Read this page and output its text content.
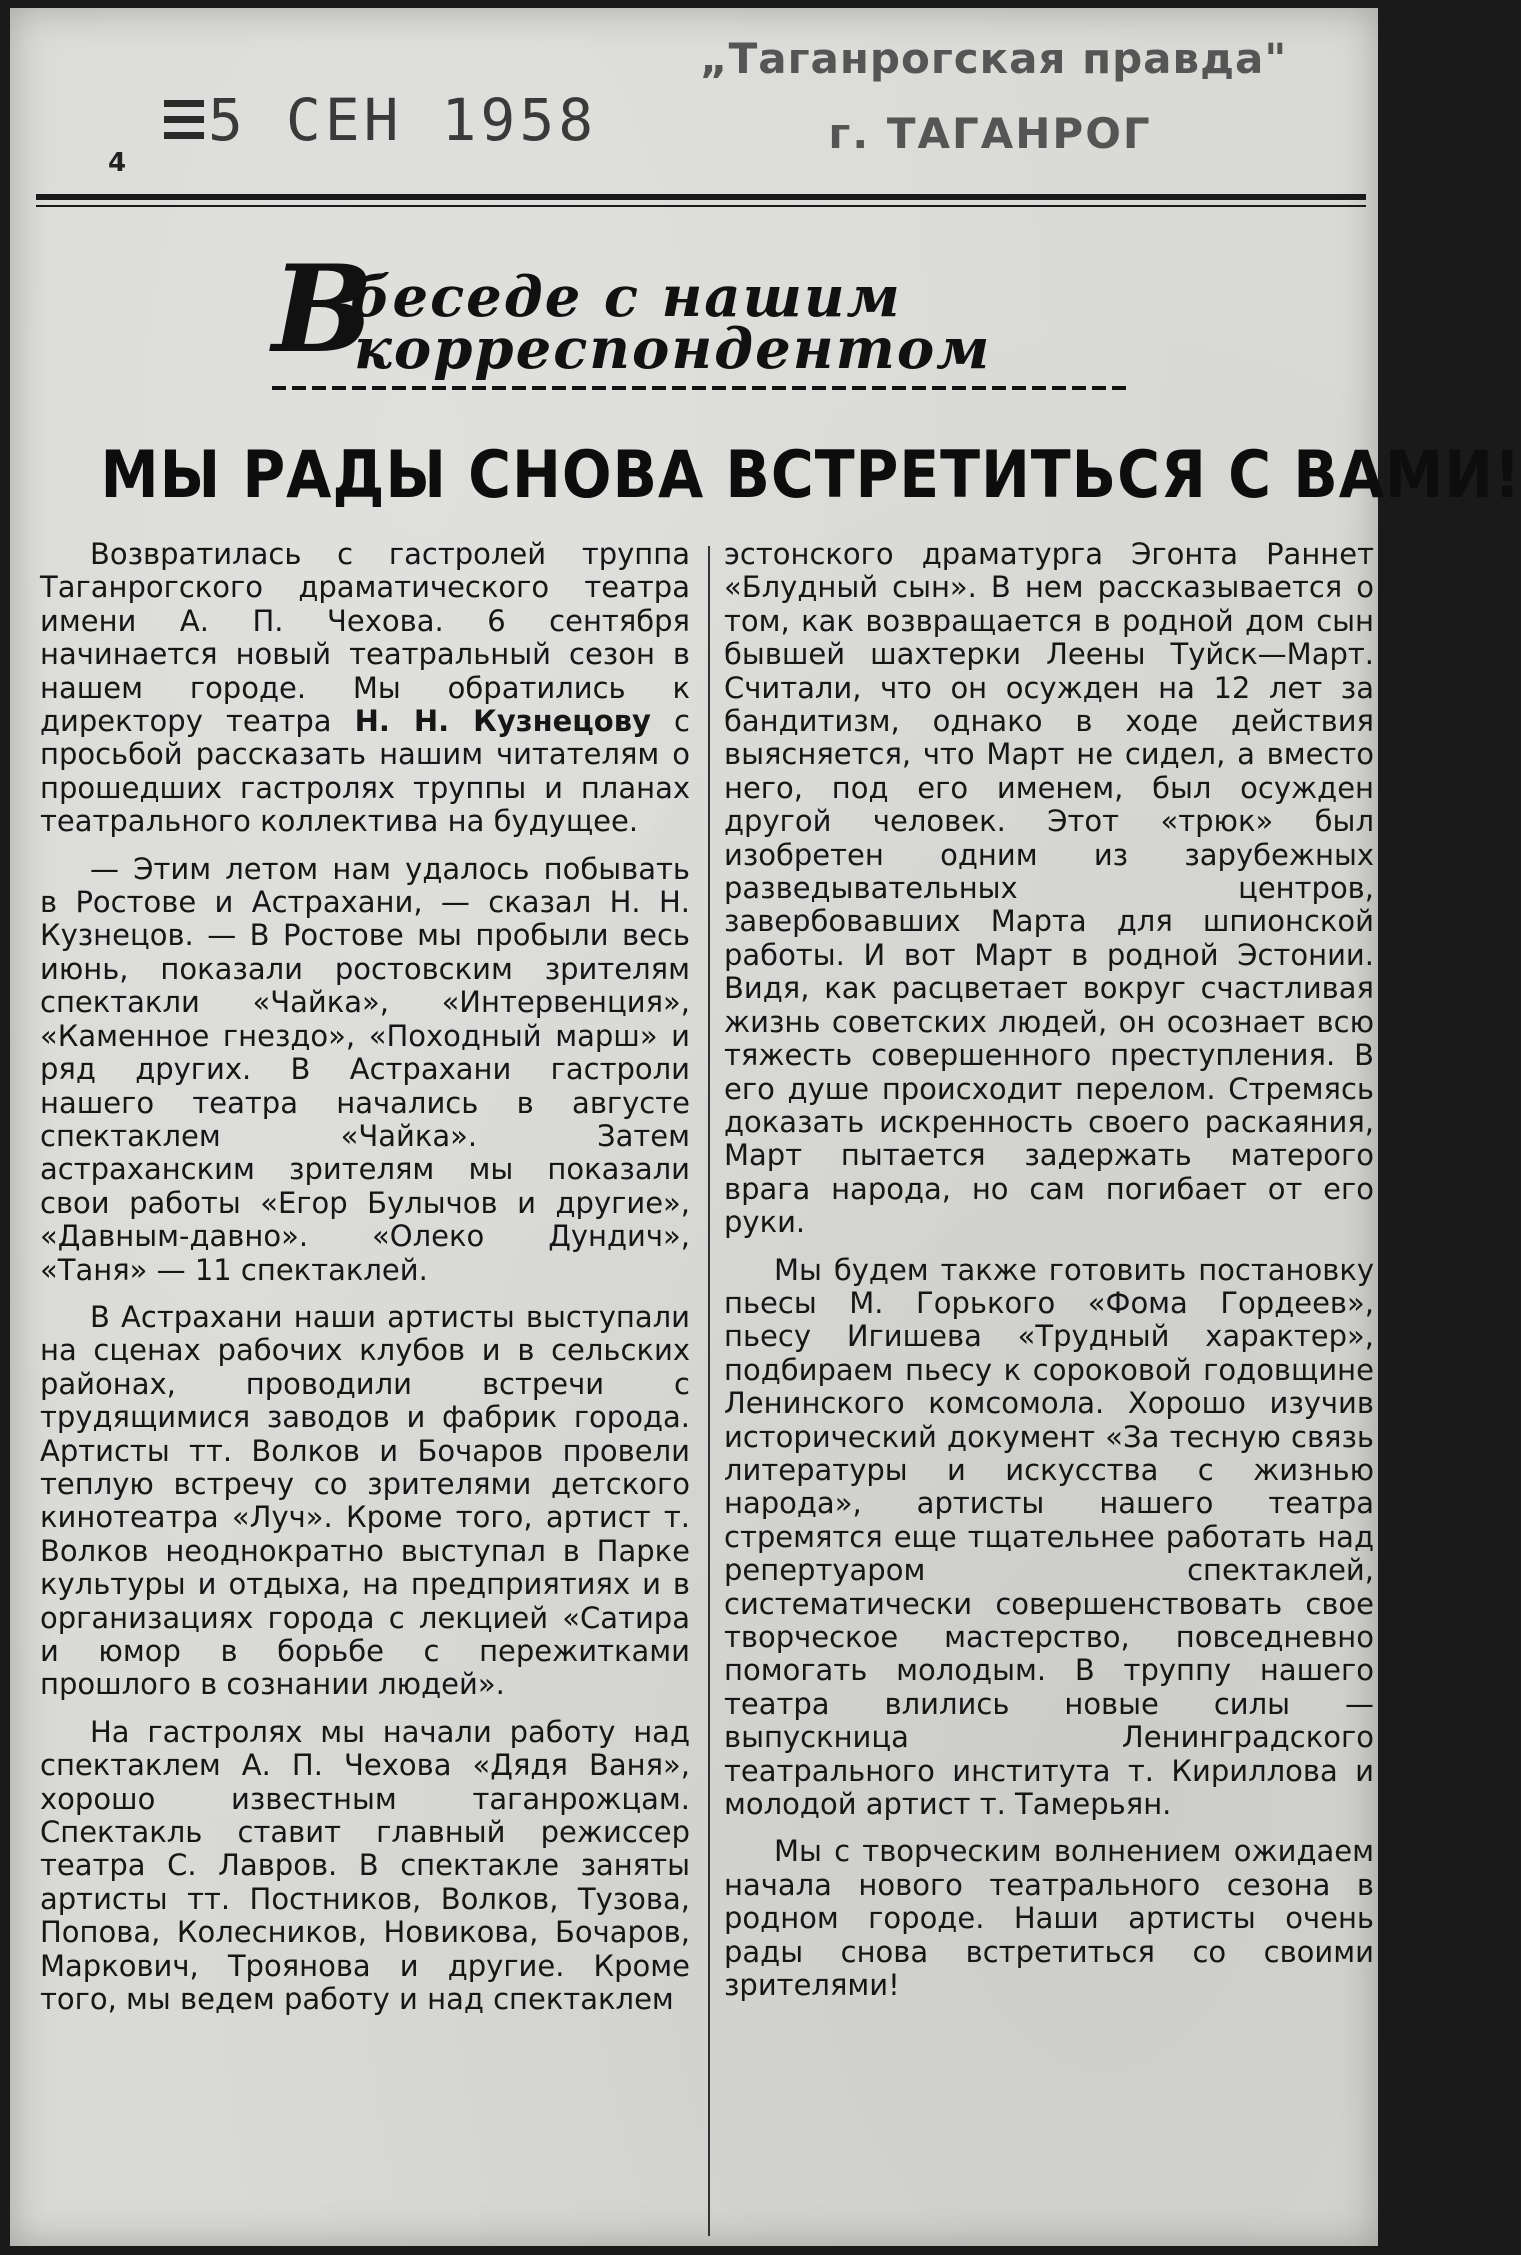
5 СЕН 1958
4
„Таганрогская правда"
г. ТАГАНРОГ
В
беседе с нашим
корреспондентом
МЫ РАДЫ СНОВА ВСТРЕТИТЬСЯ С ВАМИ!

Возвратилась с гастролей труппа Таганрогского драматического театра имени А. П. Чехова. 6 сентября начинается новый театральный сезон в нашем городе. Мы обратились к директору театра Н. Н. Кузнецову с просьбой рассказать нашим читателям о прошедших гастролях труппы и планах театрального коллектива на будущее.

— Этим летом нам удалось побывать в Ростове и Астрахани, — сказал Н. Н. Кузнецов. — В Ростове мы пробыли весь июнь, показали ростовским зрителям спектакли «Чайка», «Интервенция», «Каменное гнездо», «Походный марш» и ряд других. В Астрахани гастроли нашего театра начались в августе спектаклем «Чайка». Затем астраханским зрителям мы показали свои работы «Егор Булычов и другие», «Давным-давно». «Олеко Дундич», «Таня» — 11 спектаклей.

В Астрахани наши артисты выступали на сценах рабочих клубов и в сельских районах, проводили встречи с трудящимися заводов и фабрик города. Артисты тт. Волков и Бочаров провели теплую встречу со зрителями детского кинотеатра «Луч». Кроме того, артист т. Волков неоднократно выступал в Парке культуры и отдыха, на предприятиях и в организациях города с лекцией «Сатира и юмор в борьбе с пережитками прошлого в сознании людей».

На гастролях мы начали работу над спектаклем А. П. Чехова «Дядя Ваня», хорошо известным таганрожцам. Спектакль ставит главный режиссер театра С. Лавров. В спектакле заняты артисты тт. Постников, Волков, Тузова, Попова, Колесников, Новикова, Бочаров, Маркович, Троянова и другие. Кроме того, мы ведем работу и над спектаклем

эстонского драматурга Эгонта Раннет «Блудный сын». В нем рассказывается о том, как возвращается в родной дом сын бывшей шахтерки Леены Туйск—Март. Считали, что он осужден на 12 лет за бандитизм, однако в ходе действия выясняется, что Март не сидел, а вместо него, под его именем, был осужден другой человек. Этот «трюк» был изобретен одним из зарубежных разведывательных центров, завербовавших Марта для шпионской работы. И вот Март в родной Эстонии. Видя, как расцветает вокруг счастливая жизнь советских людей, он осознает всю тяжесть совершенного преступления. В его душе происходит перелом. Стремясь доказать искренность своего раскаяния, Март пытается задержать матерого врага народа, но сам погибает от его руки.

Мы будем также готовить постановку пьесы М. Горького «Фома Гордеев», пьесу Игишева «Трудный характер», подбираем пьесу к сороковой годовщине Ленинского комсомола. Хорошо изучив исторический документ «За тесную связь литературы и искусства с жизнью народа», артисты нашего театра стремятся еще тщательнее работать над репертуаром спектаклей, систематически совершенствовать свое творческое мастерство, повседневно помогать молодым. В труппу нашего театра влились новые силы — выпускница Ленинградского театрального института т. Кириллова и молодой артист т. Тамерьян.

Мы с творческим волнением ожидаем начала нового театрального сезона в родном городе. Наши артисты очень рады снова встретиться со своими зрителями!
